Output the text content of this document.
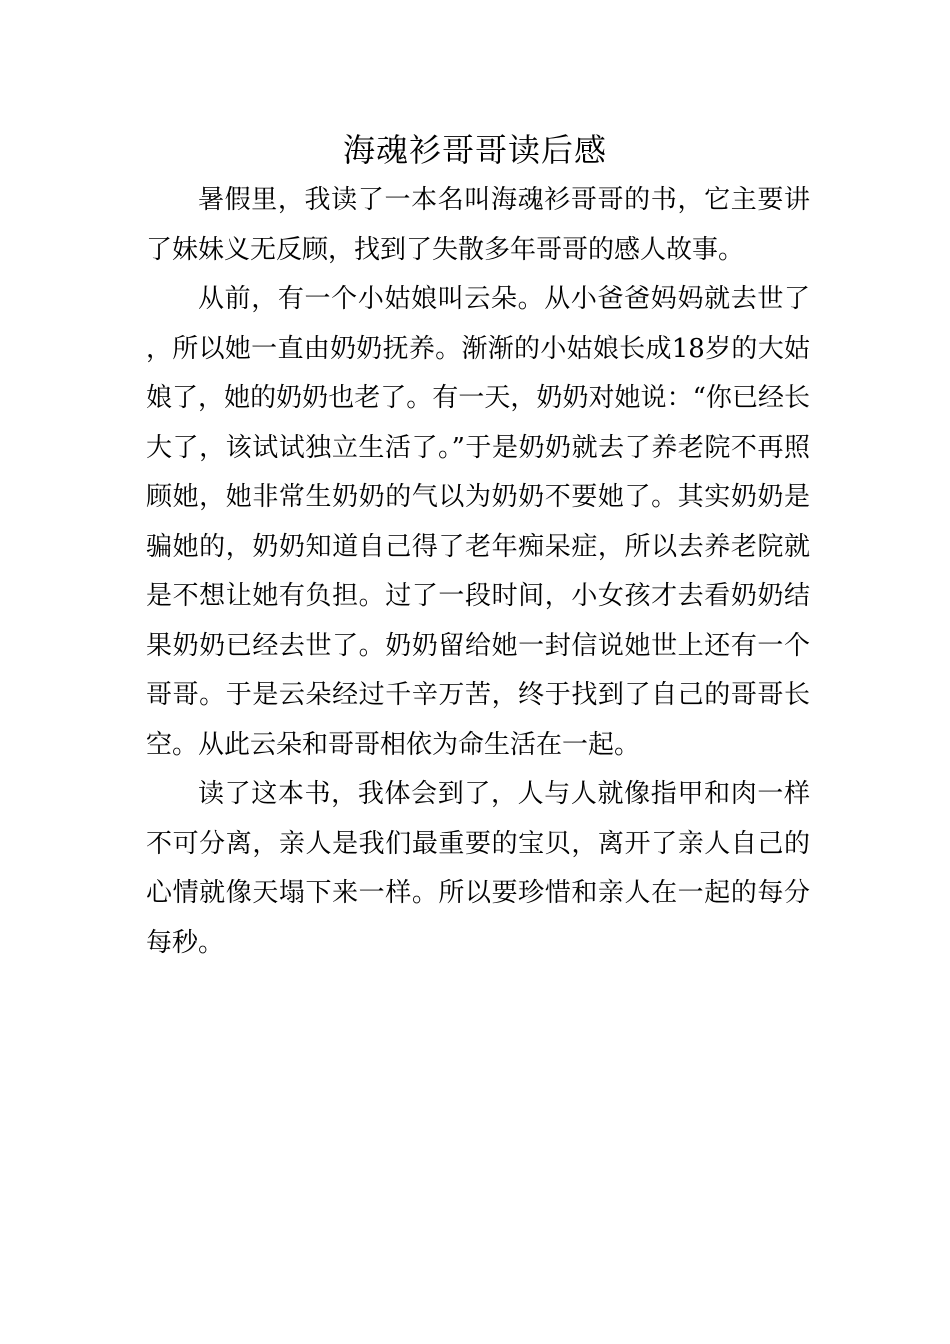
海魂衫哥哥读后感

暑假里，我读了一本名叫海魂衫哥哥的书，它主要讲了妹妹义无反顾，找到了失散多年哥哥的感人故事。

从前，有一个小姑娘叫云朵。从小爸爸妈妈就去世了，所以她一直由奶奶抚养。渐渐的小姑娘长成18岁的大姑娘了，她的奶奶也老了。有一天，奶奶对她说：“你已经长大了，该试试独立生活了。”于是奶奶就去了养老院不再照顾她，她非常生奶奶的气以为奶奶不要她了。其实奶奶是骗她的，奶奶知道自己得了老年痴呆症，所以去养老院就是不想让她有负担。过了一段时间，小女孩才去看奶奶结果奶奶已经去世了。奶奶留给她一封信说她世上还有一个哥哥。于是云朵经过千辛万苦，终于找到了自己的哥哥长空。从此云朵和哥哥相依为命生活在一起。

读了这本书，我体会到了，人与人就像指甲和肉一样不可分离，亲人是我们最重要的宝贝，离开了亲人自己的心情就像天塌下来一样。所以要珍惜和亲人在一起的每分每秒。
